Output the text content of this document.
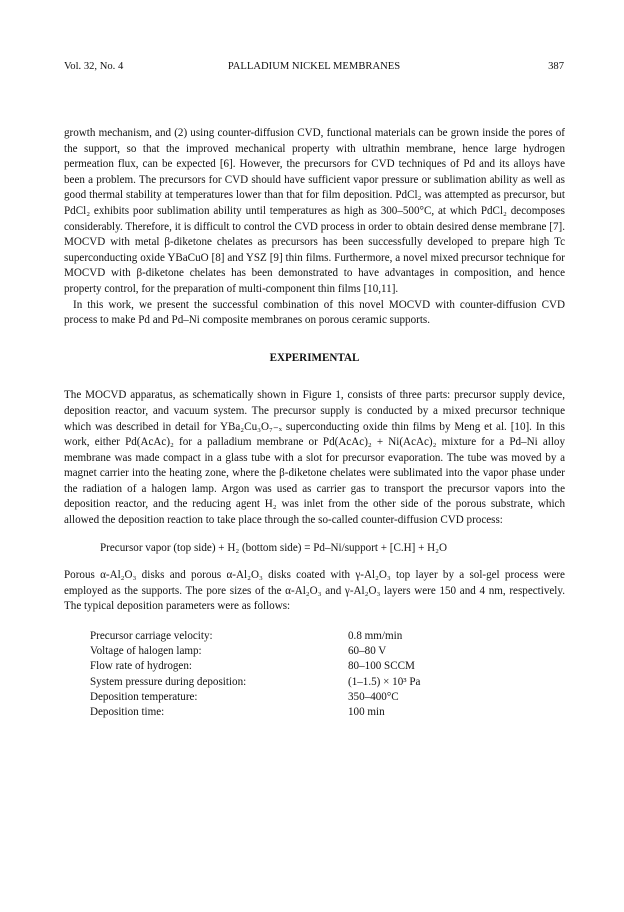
Vol. 32, No. 4	PALLADIUM NICKEL MEMBRANES	387

growth mechanism, and (2) using counter-diffusion CVD, functional materials can be grown inside the pores of the support, so that the improved mechanical property with ultrathin membrane, hence large hydrogen permeation flux, can be expected [6]. However, the precursors for CVD techniques of Pd and its alloys have been a problem. The precursors for CVD should have sufficient vapor pressure or sublimation ability as well as good thermal stability at temperatures lower than that for film deposition. PdCl₂ was attempted as precursor, but PdCl₂ exhibits poor sublimation ability until temperatures as high as 300–500°C, at which PdCl₂ decomposes considerably. Therefore, it is difficult to control the CVD process in order to obtain desired dense membrane [7]. MOCVD with metal β-diketone chelates as precursors has been successfully developed to prepare high Tc superconducting oxide YBaCuO [8] and YSZ [9] thin films. Furthermore, a novel mixed precursor technique for MOCVD with β-diketone chelates has been demonstrated to have advantages in composition, and hence property control, for the preparation of multi-component thin films [10,11].

In this work, we present the successful combination of this novel MOCVD with counter-diffusion CVD process to make Pd and Pd–Ni composite membranes on porous ceramic supports.

EXPERIMENTAL

The MOCVD apparatus, as schematically shown in Figure 1, consists of three parts: precursor supply device, deposition reactor, and vacuum system. The precursor supply is conducted by a mixed precursor technique which was described in detail for YBa₂Cu₃O₇₋ₓ superconducting oxide thin films by Meng et al. [10]. In this work, either Pd(AcAc)₂ for a palladium membrane or Pd(AcAc)₂ + Ni(AcAc)₂ mixture for a Pd–Ni alloy membrane was made compact in a glass tube with a slot for precursor evaporation. The tube was moved by a magnet carrier into the heating zone, where the β-diketone chelates were sublimated into the vapor phase under the radiation of a halogen lamp. Argon was used as carrier gas to transport the precursor vapors into the deposition reactor, and the reducing agent H₂ was inlet from the other side of the porous substrate, which allowed the deposition reaction to take place through the so-called counter-diffusion CVD process:

Precursor vapor (top side) + H₂ (bottom side) = Pd–Ni/support + [C.H] + H₂O

Porous α-Al₂O₃ disks and porous α-Al₂O₃ disks coated with γ-Al₂O₃ top layer by a sol-gel process were employed as the supports. The pore sizes of the α-Al₂O₃ and γ-Al₂O₃ layers were 150 and 4 nm, respectively. The typical deposition parameters were as follows:

Precursor carriage velocity:	0.8 mm/min
Voltage of halogen lamp:	60–80 V
Flow rate of hydrogen:	80–100 SCCM
System pressure during deposition:	(1–1.5) × 10³ Pa
Deposition temperature:	350–400°C
Deposition time:	100 min
